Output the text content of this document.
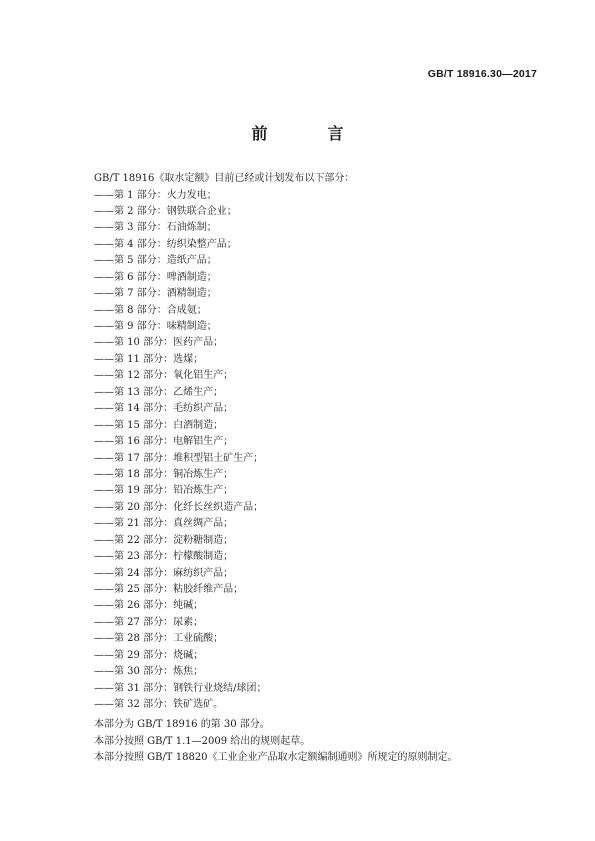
GB/T 18916.30—2017
前　言
GB/T 18916《取水定额》目前已经或计划发布以下部分：
——第 1 部分：火力发电；
——第 2 部分：钢铁联合企业；
——第 3 部分：石油炼制；
——第 4 部分：纺织染整产品；
——第 5 部分：造纸产品；
——第 6 部分：啤酒制造；
——第 7 部分：酒精制造；
——第 8 部分：合成氨；
——第 9 部分：味精制造；
——第 10 部分：医药产品；
——第 11 部分：选煤；
——第 12 部分：氧化铝生产；
——第 13 部分：乙烯生产；
——第 14 部分：毛纺织产品；
——第 15 部分：白酒制造；
——第 16 部分：电解铝生产；
——第 17 部分：堆积型铝土矿生产；
——第 18 部分：铜冶炼生产；
——第 19 部分：铅冶炼生产；
——第 20 部分：化纤长丝织造产品；
——第 21 部分：真丝绸产品；
——第 22 部分：淀粉糖制造；
——第 23 部分：柠檬酸制造；
——第 24 部分：麻纺织产品；
——第 25 部分：粘胶纤维产品；
——第 26 部分：纯碱；
——第 27 部分：尿素；
——第 28 部分：工业硫酸；
——第 29 部分：烧碱；
——第 30 部分：炼焦；
——第 31 部分：钢铁行业烧结/球团；
——第 32 部分：铁矿选矿。

本部分为 GB/T 18916 的第 30 部分。

本部分按照 GB/T 1.1—2009 给出的规则起草。

本部分按照 GB/T 18820《工业企业产品取水定额编制通则》所规定的原则制定。
